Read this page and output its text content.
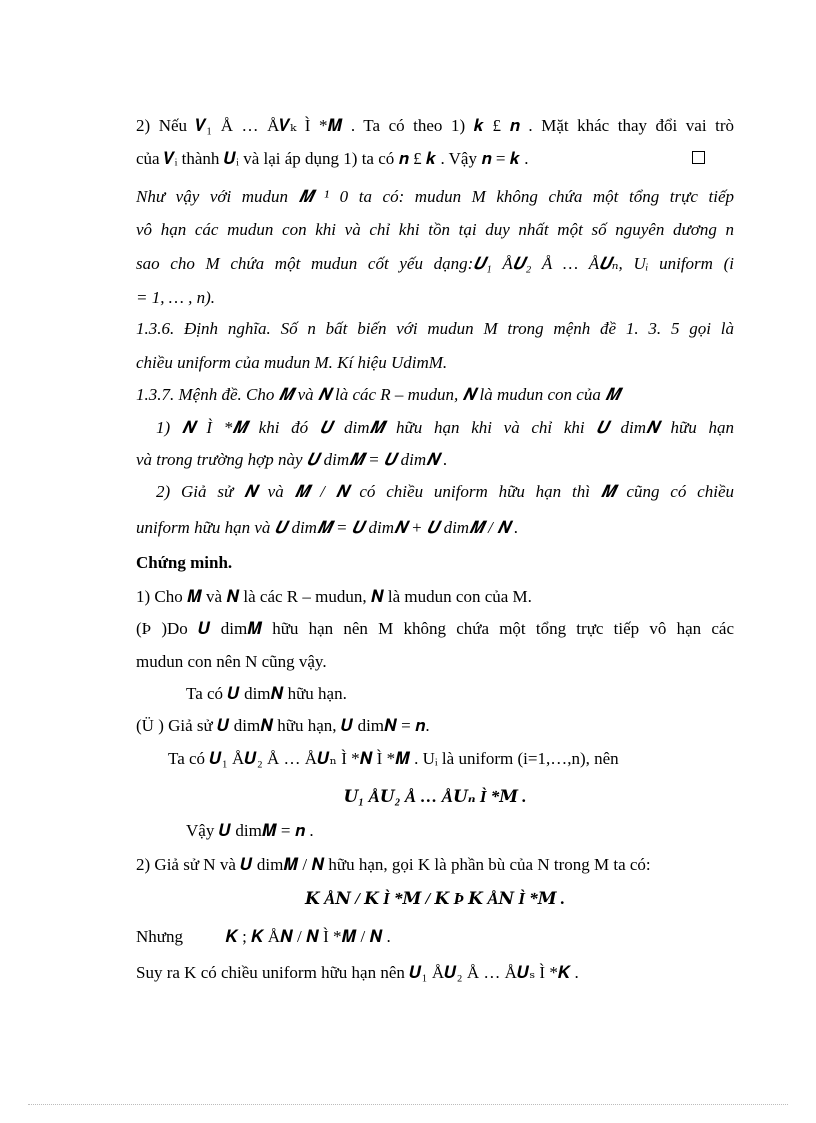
2) Nếu 𝑽₁ Å … Å𝑽ₖ Ì *𝑴 . Ta có theo 1) 𝒌 £ 𝒏 . Mặt khác thay đổi vai trò
của 𝑽ᵢ thành 𝑼ᵢ và lại áp dụng 1) ta có 𝒏 £ 𝒌 . Vậy 𝒏 = 𝒌 .
Như vậy với mudun 𝑴 ¹ 0 ta có: mudun M không chứa một tổng trực tiếp
vô hạn các mudun con khi và chỉ khi tồn tại duy nhất một số nguyên dương n
sao cho M chứa một mudun cốt yếu dạng:𝑼₁ Å𝑼₂ Å … Å𝑼ₙ, Uᵢ uniform (i
= 1, … , n).
1.3.6. Định nghĩa. Số n bất biến với mudun M trong mệnh đề 1. 3. 5 gọi là
chiều uniform của mudun M. Kí hiệu UdimM.
1.3.7. Mệnh đề. Cho 𝑴 và 𝑵 là các R – mudun, 𝑵 là mudun con của 𝑴
1) 𝑵 Ì *𝑴 khi đó 𝑼 dim𝑴 hữu hạn khi và chỉ khi 𝑼 dim𝑵 hữu hạn
và trong trường hợp này 𝑼 dim𝑴 = 𝑼 dim𝑵 .
2) Giả sử 𝑵 và 𝑴 / 𝑵 có chiều uniform hữu hạn thì 𝑴 cũng có chiều
uniform hữu hạn và 𝑼 dim𝑴 = 𝑼 dim𝑵 + 𝑼 dim𝑴 / 𝑵 .
Chứng minh.
1) Cho 𝑴 và 𝑵 là các R – mudun, 𝑵 là mudun con của M.
(Þ )Do 𝑼 dim𝑴 hữu hạn nên M không chứa một tổng trực tiếp vô hạn các
mudun con nên N cũng vậy.
Ta có 𝑼 dim𝑵 hữu hạn.
(Ü ) Giả sử 𝑼 dim𝑵 hữu hạn, 𝑼 dim𝑵 = 𝒏.
Ta có 𝑼₁ Å𝑼₂ Å … Å𝑼ₙ Ì *𝑵 Ì *𝑴 . Uᵢ là uniform (i=1,…,n), nên
𝑼₁ Å𝑼₂ Å … Å𝑼ₙ Ì *𝑴 .
Vậy 𝑼 dim𝑴 = 𝒏 .
2) Giả sử N và 𝑼 dim𝑴 / 𝑵 hữu hạn, gọi K là phần bù của N trong M ta có:
𝑲 Å𝑵 / 𝑲 Ì *𝑴 / 𝑲 Þ 𝑲 Å𝑵 Ì *𝑴 .
Nhưng          𝑲 ; 𝑲 Å𝑵 / 𝑵 Ì *𝑴 / 𝑵 .
Suy ra K có chiều uniform hữu hạn nên 𝑼₁ Å𝑼₂ Å … Å𝑼ₛ Ì *𝑲 .
